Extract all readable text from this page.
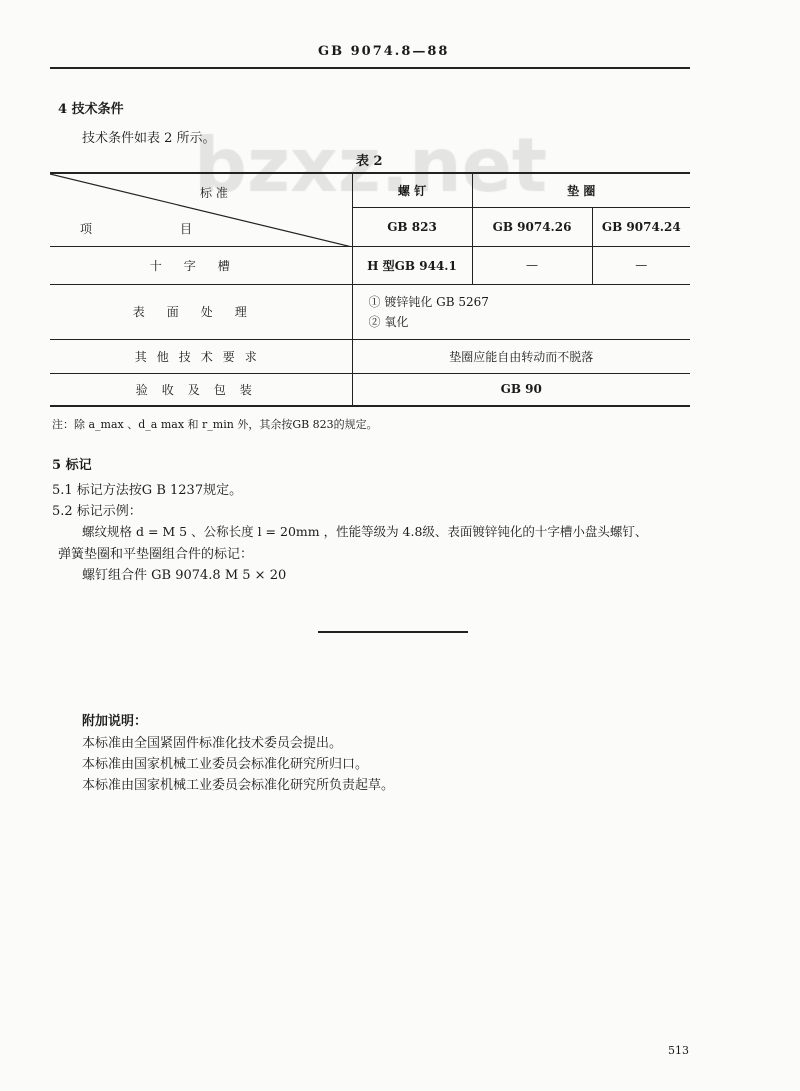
GB 9074.8—88
4 技术条件
技术条件如表 2 所示。
表 2
标 准
项 目	螺 钉	垫 圈	
	GB 823	GB 9074.26	GB 9074.24
十字槽	H 型GB 944.1	—	—
表面处理	① 镀锌钝化 GB 5267
② 氧化		

其他技术要求	垫圈应能自由转动而不脱落		
验收及包装	GB 90		
注：除 a_max 、d_a max 和 r_min 外，其余按GB 823的规定。
5 标记
5.1 标记方法按G B 1237规定。
5.2 标记示例：
螺纹规格 d = M 5 、公称长度 l = 20mm ，性能等级为 4.8级、表面镀锌钝化的十字槽小盘头螺钉、
弹簧垫圈和平垫圈组合件的标记：
螺钉组合件 GB 9074.8 M 5 × 20
附加说明：
本标准由全国紧固件标准化技术委员会提出。
本标准由国家机械工业委员会标准化研究所归口。
本标准由国家机械工业委员会标准化研究所负责起草。
513
